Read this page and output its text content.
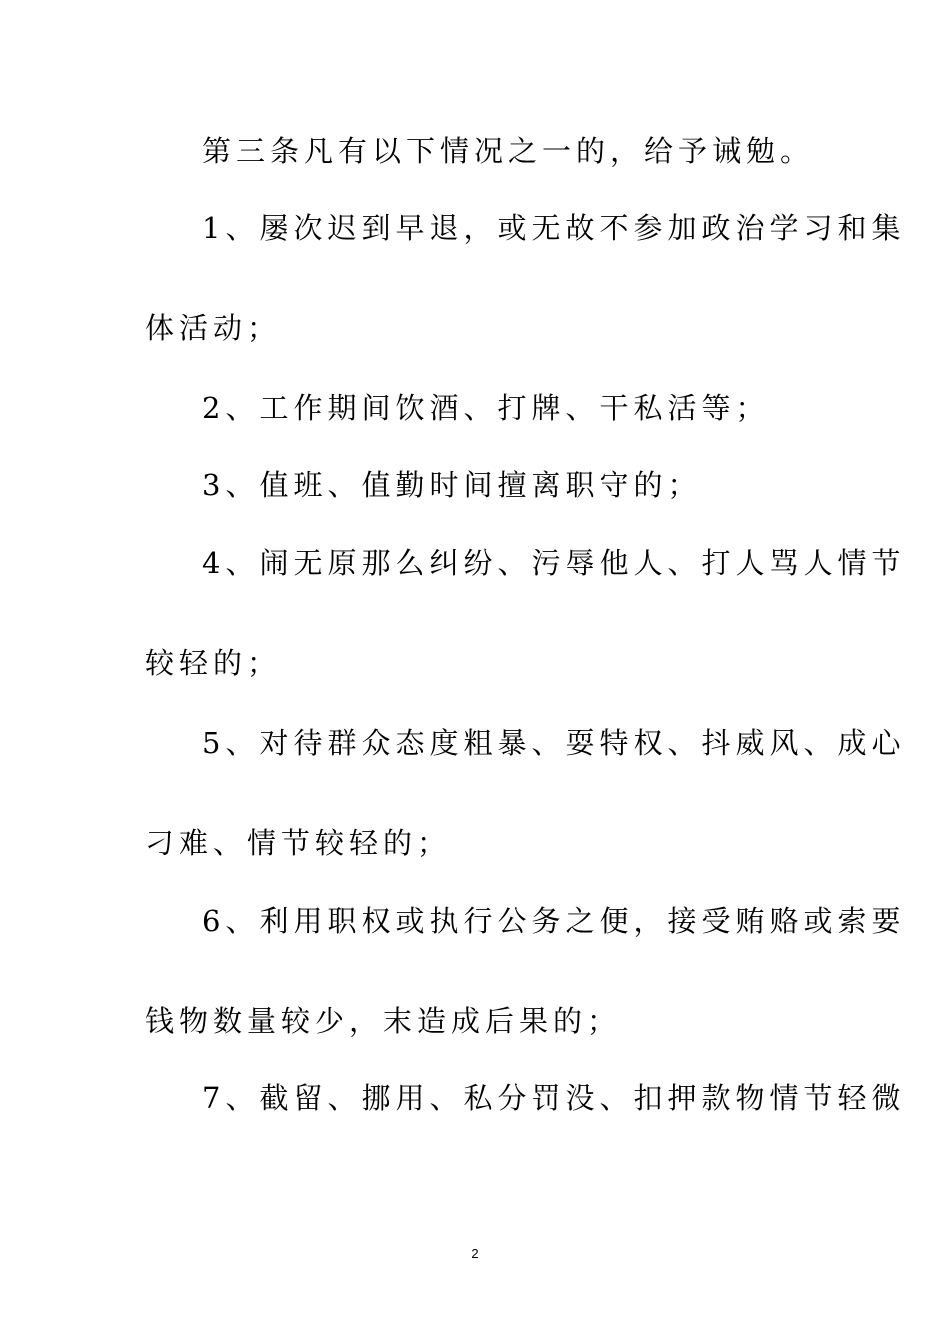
第三条凡有以下情况之一的，给予诫勉。
1、屡次迟到早退，或无故不参加政治学习和集
体活动；
2、工作期间饮酒、打牌、干私活等；
3、值班、值勤时间擅离职守的；
4、闹无原那么纠纷、污辱他人、打人骂人情节
较轻的；
5、对待群众态度粗暴、耍特权、抖威风、成心
刁难、情节较轻的；
6、利用职权或执行公务之便，接受贿赂或索要
钱物数量较少，末造成后果的；
7、截留、挪用、私分罚没、扣押款物情节轻微
2
